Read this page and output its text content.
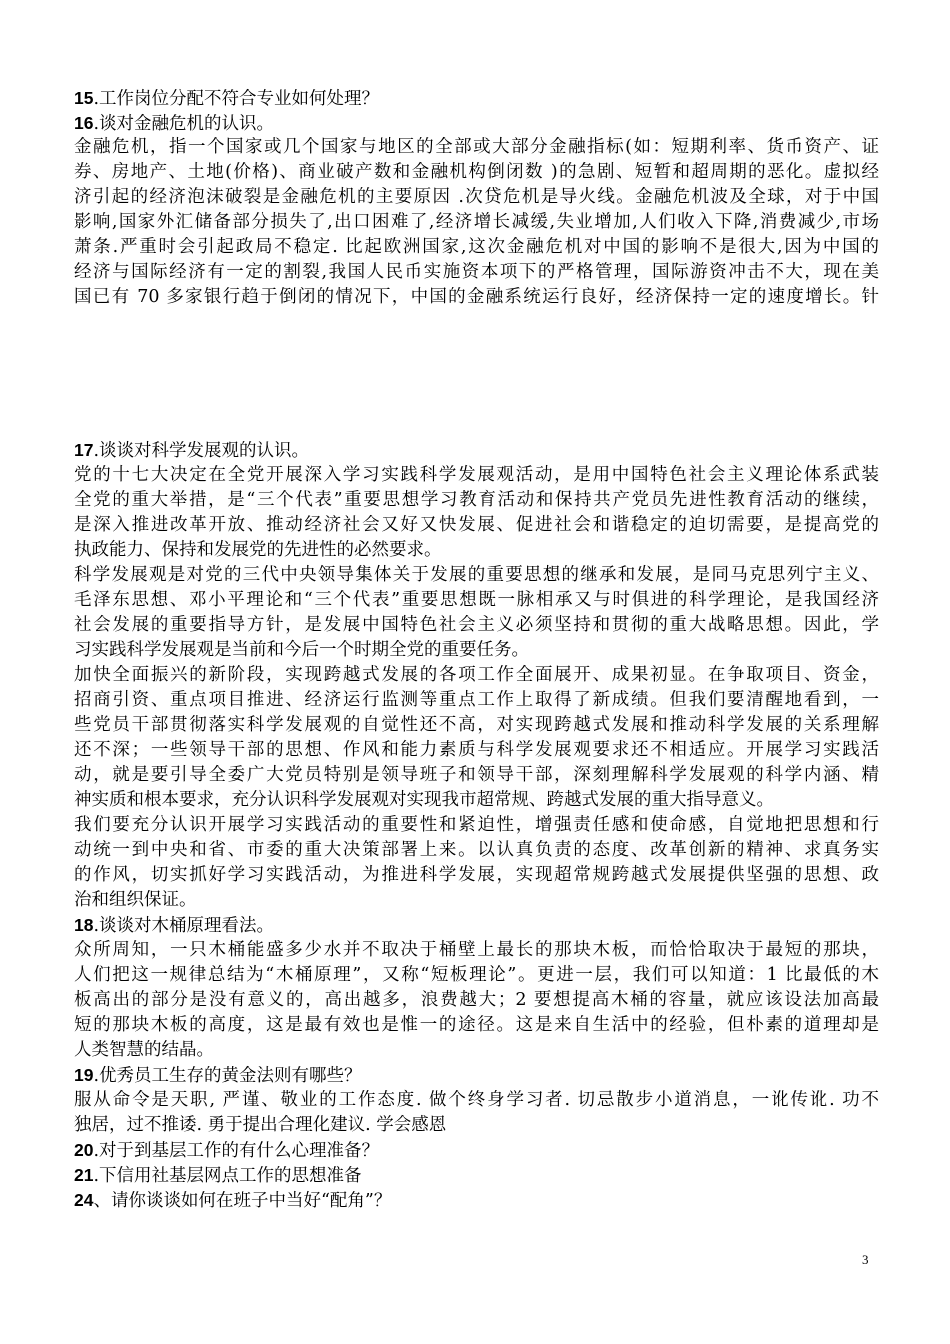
15.工作岗位分配不符合专业如何处理？
16.谈对金融危机的认识。
金融危机，指一个国家或几个国家与地区的全部或大部分金融指标(如：短期利率、货币资产、证
券、房地产、土地(价格)、商业破产数和金融机构倒闭数 )的急剧、短暂和超周期的恶化。虚拟经
济引起的经济泡沫破裂是金融危机的主要原因 .次贷危机是导火线。金融危机波及全球，对于中国
影响,国家外汇储备部分损失了,出口困难了,经济增长减缓,失业增加,人们收入下降,消费减少,市场
萧条.严重时会引起政局不稳定. 比起欧洲国家,这次金融危机对中国的影响不是很大,因为中国的
经济与国际经济有一定的割裂,我国人民币实施资本项下的严格管理，国际游资冲击不大，现在美
国已有 70 多家银行趋于倒闭的情况下，中国的金融系统运行良好，经济保持一定的速度增长。针
17.谈谈对科学发展观的认识。
党的十七大决定在全党开展深入学习实践科学发展观活动，是用中国特色社会主义理论体系武装
全党的重大举措，是“三个代表”重要思想学习教育活动和保持共产党员先进性教育活动的继续，
是深入推进改革开放、推动经济社会又好又快发展、促进社会和谐稳定的迫切需要，是提高党的
执政能力、保持和发展党的先进性的必然要求。
科学发展观是对党的三代中央领导集体关于发展的重要思想的继承和发展，是同马克思列宁主义、
毛泽东思想、邓小平理论和“三个代表”重要思想既一脉相承又与时俱进的科学理论，是我国经济
社会发展的重要指导方针，是发展中国特色社会主义必须坚持和贯彻的重大战略思想。因此，学
习实践科学发展观是当前和今后一个时期全党的重要任务。
加快全面振兴的新阶段，实现跨越式发展的各项工作全面展开、成果初显。在争取项目、资金，
招商引资、重点项目推进、经济运行监测等重点工作上取得了新成绩。但我们要清醒地看到，一
些党员干部贯彻落实科学发展观的自觉性还不高，对实现跨越式发展和推动科学发展的关系理解
还不深；一些领导干部的思想、作风和能力素质与科学发展观要求还不相适应。开展学习实践活
动，就是要引导全委广大党员特别是领导班子和领导干部，深刻理解科学发展观的科学内涵、精
神实质和根本要求，充分认识科学发展观对实现我市超常规、跨越式发展的重大指导意义。
我们要充分认识开展学习实践活动的重要性和紧迫性，增强责任感和使命感，自觉地把思想和行
动统一到中央和省、市委的重大决策部署上来。以认真负责的态度、改革创新的精神、求真务实
的作风，切实抓好学习实践活动，为推进科学发展，实现超常规跨越式发展提供坚强的思想、政
治和组织保证。
18.谈谈对木桶原理看法。
众所周知，一只木桶能盛多少水并不取决于桶壁上最长的那块木板，而恰恰取决于最短的那块，
人们把这一规律总结为“木桶原理”，又称“短板理论”。更进一层，我们可以知道：1 比最低的木
板高出的部分是没有意义的，高出越多，浪费越大；2 要想提高木桶的容量，就应该设法加高最
短的那块木板的高度，这是最有效也是惟一的途径。这是来自生活中的经验，但朴素的道理却是
人类智慧的结晶。
19.优秀员工生存的黄金法则有哪些？
服从命令是天职, 严谨、敬业的工作态度. 做个终身学习者. 切忌散步小道消息，一讹传讹. 功不
独居，过不推诿. 勇于提出合理化建议. 学会感恩
20.对于到基层工作的有什么心理准备？
21.下信用社基层网点工作的思想准备
24、请你谈谈如何在班子中当好“配角”？
3
